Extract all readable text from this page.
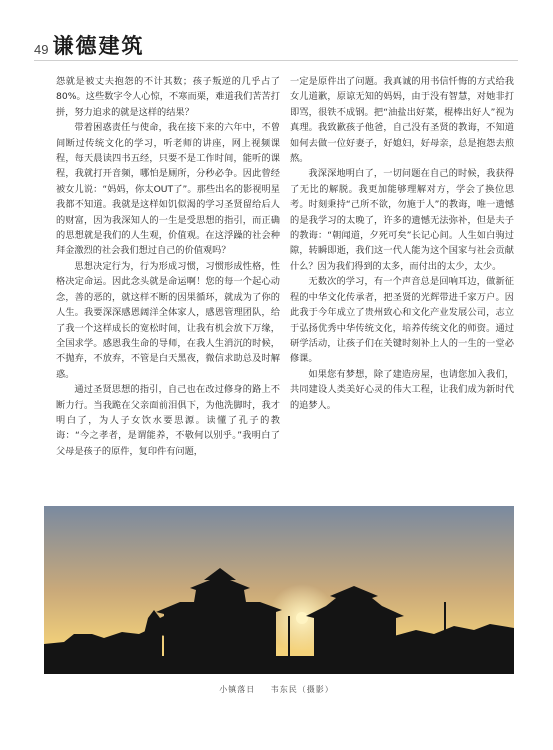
49 谦德建筑

怨就是被丈夫抱怨的不计其数；孩子叛逆的几乎占了80%。这些数字令人心惊，不寒而栗，难道我们苦苦打拼，努力追求的就是这样的结果？

带着困惑责任与使命，我在接下来的六年中，不曾间断过传统文化的学习，听老师的讲座，网上视频课程，每天晨读四书五经，只要不是工作时间，能听的课程，我就打开音频，哪怕是厕所，分秒必争。因此曾经被女儿说：“妈妈，你太OUT了”。那些出名的影视明星我都不知道。我就是这样如饥似渴的学习圣贤留给后人的财富，因为我深知人的一生是受思想的指引，而正确的思想就是我们的人生观，价值观。在这浮躁的社会种拜金激烈的社会我们想过自己的价值观吗？

思想决定行为，行为形成习惯，习惯形成性格，性格决定命运。因此念头就是命运啊！您的每一个起心动念，善的恶的，就这样不断的因果循环，就成为了你的人生。我要深深感恩阔洋全体家人，感恩管理团队，给了我一个这样成长的宽松时间，让我有机会放下万缘，全国求学。感恩我生命的导师，在我人生消沉的时候，不抛弃，不放弃，不管是白天黑夜，微信求助总及时解惑。

通过圣贤思想的指引，自己也在改过修身的路上不断力行。当我跪在父亲面前泪俱下，为他洗脚时，我才明白了，为人子女饮水要思源。读懂了孔子的教诲：“今之孝者，是谓能养，不敬何以别乎。”我明白了父母是孩子的原件，复印件有问题，

一定是原件出了问题。我真诚的用书信忏悔的方式给我女儿道歉，原谅无知的妈妈，由于没有智慧，对她非打即骂，很铁不成钢。把“油盐出好菜，棍棒出好人”视为真理。我致歉孩子他爸，自己没有圣贤的教诲，不知道如何去做一位好妻子，好媳妇，好母亲，总是抱怨去煎熬。

我深深地明白了，一切问题在自己的时候，我获得了无比的解脱。我更加能够理解对方，学会了换位思考。时刻秉持“己所不欲，勿施于人”的教诲，唯一遗憾的是我学习的太晚了，许多的遗憾无法弥补，但是夫子的教诲：“朝闻道，夕死可矣”长记心间。人生如白驹过隙，转瞬即逝，我们这一代人能为这个国家与社会贡献什么？因为我们得到的太多，而付出的太少，太少。

无数次的学习，有一个声音总是回响耳边，做新征程的中华文化传承者，把圣贤的光辉带进千家万户。因此我于今年成立了贵州致心和文化产业发展公司，志立于弘扬优秀中华传统文化，培养传统文化的师资。通过研学活动，让孩子们在关键时刻补上人的一生的一堂必修课。

如果您有梦想，除了建造房屋，也请您加入我们，共同建设人类美好心灵的伟大工程，让我们成为新时代的追梦人。

小镇落日 韦东民（摄影）
